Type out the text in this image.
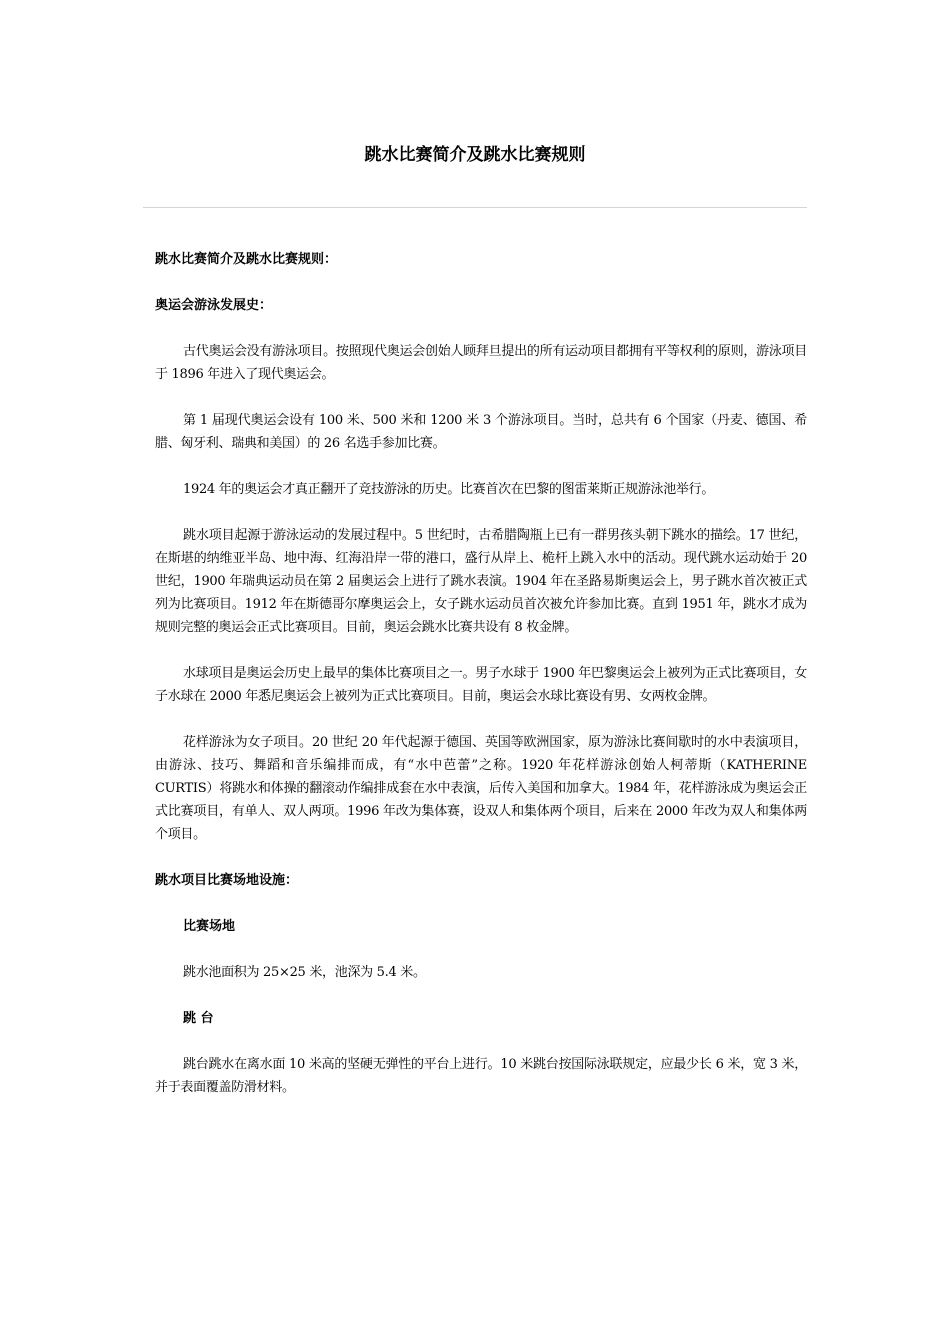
跳水比赛简介及跳水比赛规则
跳水比赛简介及跳水比赛规则：
奥运会游泳发展史：

古代奥运会没有游泳项目。按照现代奥运会创始人顾拜旦提出的所有运动项目都拥有平等权利的原则，游泳项目于 1896 年进入了现代奥运会。

第 1 届现代奥运会设有 100 米、500 米和 1200 米 3 个游泳项目。当时，总共有 6 个国家（丹麦、德国、希腊、匈牙利、瑞典和美国）的 26 名选手参加比赛。

1924 年的奥运会才真正翻开了竞技游泳的历史。比赛首次在巴黎的图雷莱斯正规游泳池举行。

跳水项目起源于游泳运动的发展过程中。5 世纪时，古希腊陶瓶上已有一群男孩头朝下跳水的描绘。17 世纪，在斯堪的纳维亚半岛、地中海、红海沿岸一带的港口，盛行从岸上、桅杆上跳入水中的活动。现代跳水运动始于 20 世纪，1900 年瑞典运动员在第 2 届奥运会上进行了跳水表演。1904 年在圣路易斯奥运会上，男子跳水首次被正式列为比赛项目。1912 年在斯德哥尔摩奥运会上，女子跳水运动员首次被允许参加比赛。直到 1951 年，跳水才成为规则完整的奥运会正式比赛项目。目前，奥运会跳水比赛共设有 8 枚金牌。

水球项目是奥运会历史上最早的集体比赛项目之一。男子水球于 1900 年巴黎奥运会上被列为正式比赛项目，女子水球在 2000 年悉尼奥运会上被列为正式比赛项目。目前，奥运会水球比赛设有男、女两枚金牌。

花样游泳为女子项目。20 世纪 20 年代起源于德国、英国等欧洲国家，原为游泳比赛间歇时的水中表演项目，由游泳、技巧、舞蹈和音乐编排而成，有“水中芭蕾”之称。1920 年花样游泳创始人柯蒂斯（KATHERINE CURTIS）将跳水和体操的翻滚动作编排成套在水中表演，后传入美国和加拿大。1984 年，花样游泳成为奥运会正式比赛项目，有单人、双人两项。1996 年改为集体赛，设双人和集体两个项目，后来在 2000 年改为双人和集体两个项目。

跳水项目比赛场地设施：
比赛场地

跳水池面积为 25×25 米，池深为 5.4 米。

跳 台

跳台跳水在离水面 10 米高的坚硬无弹性的平台上进行。10 米跳台按国际泳联规定，应最少长 6 米，宽 3 米，并于表面覆盖防滑材料。
